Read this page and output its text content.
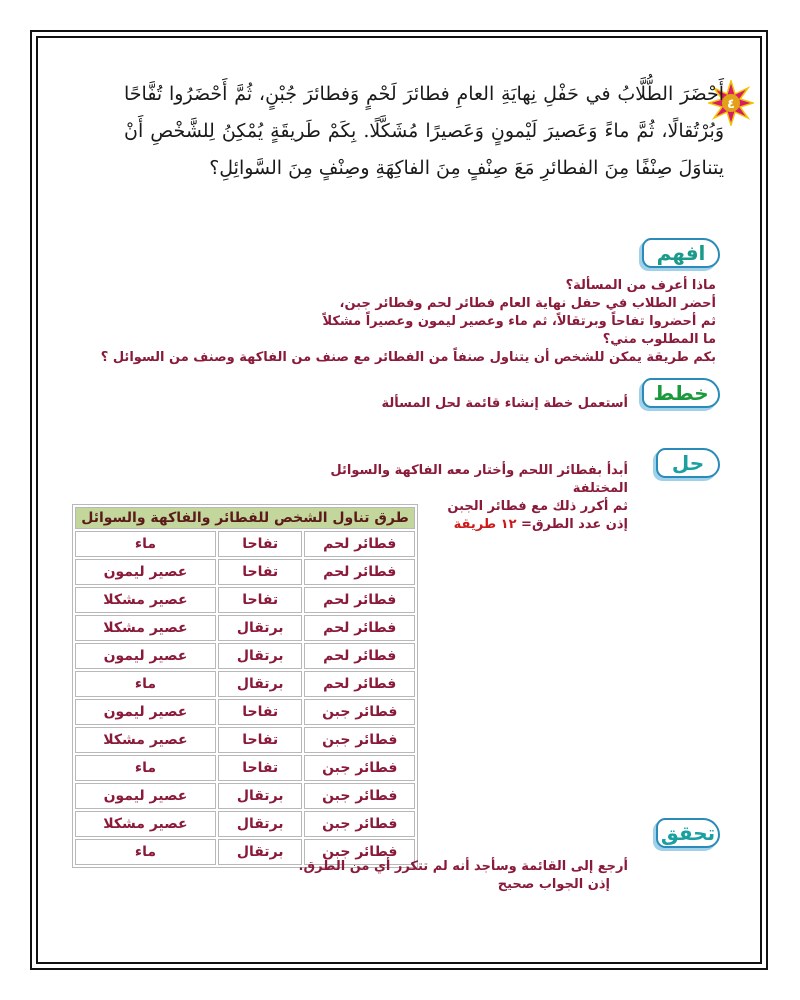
٤
أَحْضَرَ الطُّلَّابُ في حَفْلِ نِهايَةِ العامِ فطائرَ لَحْمٍ وَفطائرَ جُبْنٍ، ثُمَّ أَحْضَرُوا تُفَّاحًا وَبُرْتُقالًا، ثُمَّ ماءً وَعَصيرَ لَيْمونٍ وَعَصيرًا مُشَكَّلًا. بِكَمْ طَريقَةٍ يُمْكِنُ لِلشَّخْصِ أَنْ يتناوَلَ صِنْفًا مِنَ الفطائرِ مَعَ صِنْفٍ مِنَ الفاكِهَةِ وصِنْفٍ مِنَ السَّوائِلِ؟
افهم
ماذا أعرف من المسألة؟
أحضر الطلاب في حفل نهاية العام فطائر لحم وفطائر جبن،
ثم أحضروا تفاحاً وبرتقالاً، ثم ماء وعصير ليمون وعصيراً مشكلاً
ما المطلوب مني؟
بكم طريقة يمكن للشخص أن يتناول صنفاً من الفطائر مع صنف من الفاكهة وصنف من السوائل ؟
خطط
أستعمل خطة إنشاء قائمة لحل المسألة
حل
أبدأ بفطائر اللحم وأختار معه الفاكهة والسوائل المختلفة
ثم أكرر ذلك مع فطائر الجبن
إذن عدد الطرق= ١٢ طريقة
طرق تناول الشخص للفطائر والفاكهة والسوائل		
فطائر لحم	تفاحا	ماء
فطائر لحم	تفاحا	عصير ليمون
فطائر لحم	تفاحا	عصير مشكلا
فطائر لحم	برتقال	عصير مشكلا
فطائر لحم	برتقال	عصير ليمون
فطائر لحم	برتقال	ماء
فطائر جبن	تفاحا	عصير ليمون
فطائر جبن	تفاحا	عصير مشكلا
فطائر جبن	تفاحا	ماء
فطائر جبن	برتقال	عصير ليمون
فطائر جبن	برتقال	عصير مشكلا
فطائر جبن	برتقال	ماء
تحقق
أرجع إلى القائمة وسأجد أنه لم تتكرر أي من الطرق.
إذن الجواب صحيح
